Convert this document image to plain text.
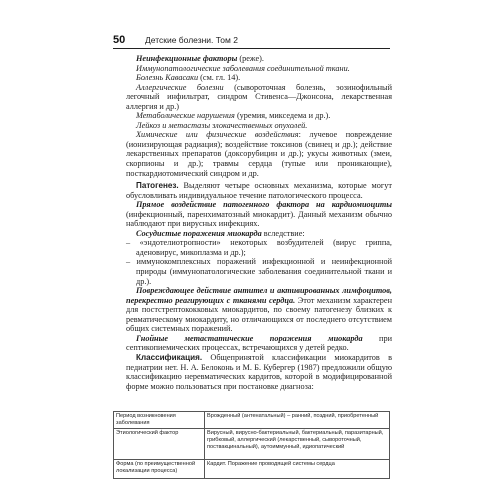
50 Детские болезни. Том 2

Неинфекционные факторы (реже).

Иммунопатологические заболевания соединительной ткани.

Болезнь Кавасаки (см. гл. 14).

Аллергические болезни (сывороточная болезнь, эозинофильный легочный инфильтрат, синдром Стивенса—Джонсона, лекарственная аллергия и др.)

Метаболические нарушения (уремия, микседема и др.).

Лейкоз и метастазы злокачественных опухолей.

Химические или физические воздействия: лучевое повреждение (ионизирующая радиация); воздействие токсинов (свинец и др.); действие лекарственных препаратов (доксорубицин и др.); укусы животных (змеи, скорпионы и др.); травмы сердца (тупые или проникающие), посткардиотомический синдром и др.

Патогенез. Выделяют четыре основных механизма, которые могут обусловливать индивидуальное течение патологического процесса.

Прямое воздействие патогенного фактора на кардиомиоциты (инфекционный, паренхиматозный миокардит). Данный механизм обычно наблюдают при вирусных инфекциях.

Сосудистые поражения миокарда вследствие:

– «эндотелиотропности» некоторых возбудителей (вирус гриппа, аденовирус, микоплазма и др.);

– иммунокомплексных поражений инфекционной и неинфекционной природы (иммунопатологические заболевания соединительной ткани и др.).

Повреждающее действие антител и активированных лимфоцитов, перекрестно реагирующих с тканями сердца. Этот механизм характерен для постстрептококковых миокардитов, по своему патогенезу близких к ревматическому миокардиту, но отличающихся от последнего отсутствием общих системных поражений.

Гнойные метастатические поражения миокарда при септикопиемических процессах, встречающихся у детей редко.

Классификация. Общепринятой классификации миокардитов в педиатрии нет. Н. А. Белоконь и М. Б. Кубергер (1987) предложили общую классификацию неревматических кардитов, которой в модифицированной форме можно пользоваться при постановке диагноза:

Период возникновения заболевания	Врожденный (антенатальный) – ранний, поздний, приобретенный
Этиологический фактор	Вирусный, вирусно-бактериальный, бактериальный, паразитарный, грибковый, аллергический (лекарственный, сывороточный, поствакцинальный), аутоиммунный, идиопатический
Форма (по преимущественной локализации процесса)	Кардит. Поражение проводящей системы сердца
